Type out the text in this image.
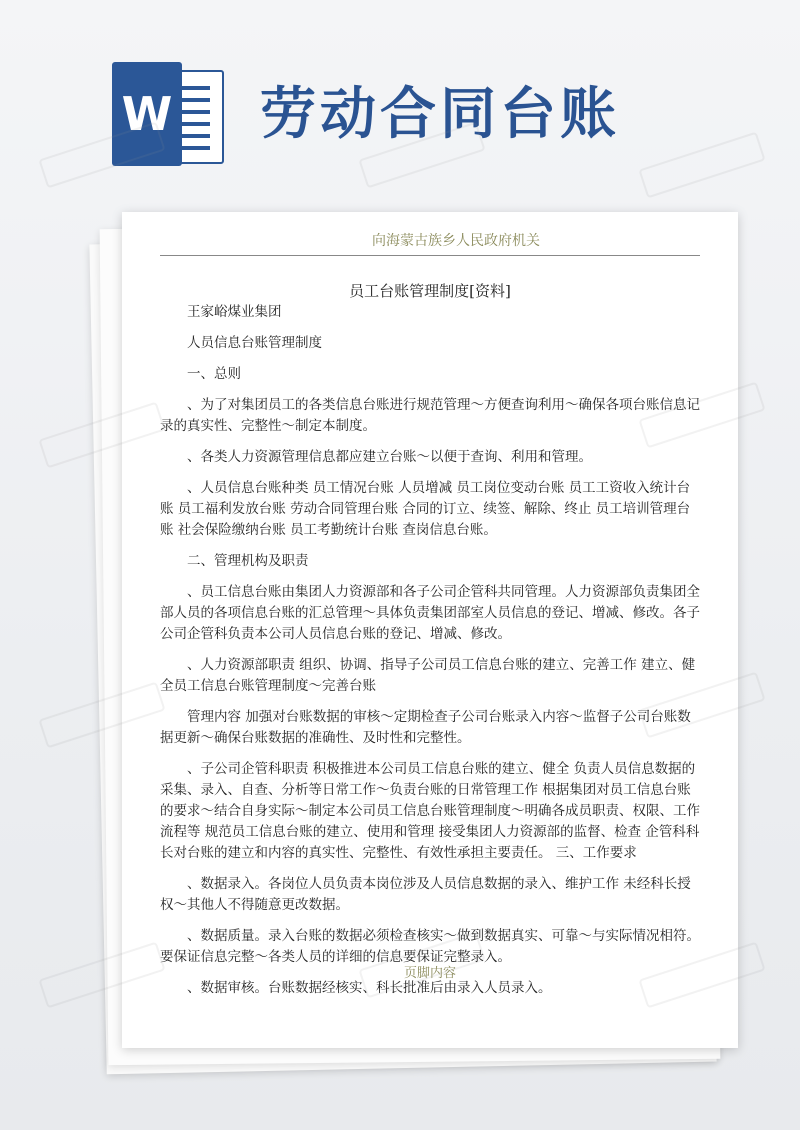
W 劳动合同台账
向海蒙古族乡人民政府机关
员工台账管理制度[资料]

王家峪煤业集团

人员信息台账管理制度

一、总则

、为了对集团员工的各类信息台账进行规范管理～方便查询利用～确保各项台账信息记录的真实性、完整性～制定本制度。

、各类人力资源管理信息都应建立台账～以便于查询、利用和管理。

、人员信息台账种类 员工情况台账 人员增减 员工岗位变动台账 员工工资收入统计台账 员工福利发放台账 劳动合同管理台账 合同的订立、续签、解除、终止 员工培训管理台账 社会保险缴纳台账 员工考勤统计台账 查岗信息台账。

二、管理机构及职责

、员工信息台账由集团人力资源部和各子公司企管科共同管理。人力资源部负责集团全部人员的各项信息台账的汇总管理～具体负责集团部室人员信息的登记、增减、修改。各子公司企管科负责本公司人员信息台账的登记、增减、修改。

、人力资源部职责 组织、协调、指导子公司员工信息台账的建立、完善工作 建立、健全员工信息台账管理制度～完善台账

管理内容 加强对台账数据的审核～定期检查子公司台账录入内容～监督子公司台账数据更新～确保台账数据的准确性、及时性和完整性。

、子公司企管科职责 积极推进本公司员工信息台账的建立、健全 负责人员信息数据的采集、录入、自查、分析等日常工作～负责台账的日常管理工作 根据集团对员工信息台账的要求～结合自身实际～制定本公司员工信息台账管理制度～明确各成员职责、权限、工作流程等 规范员工信息台账的建立、使用和管理 接受集团人力资源部的监督、检查 企管科科长对台账的建立和内容的真实性、完整性、有效性承担主要责任。 三、工作要求

、数据录入。各岗位人员负责本岗位涉及人员信息数据的录入、维护工作 未经科长授权～其他人不得随意更改数据。

、数据质量。录入台账的数据必须检查核实～做到数据真实、可靠～与实际情况相符。要保证信息完整～各类人员的详细的信息要保证完整录入。

、数据审核。台账数据经核实、科长批准后由录入人员录入。

页脚内容
